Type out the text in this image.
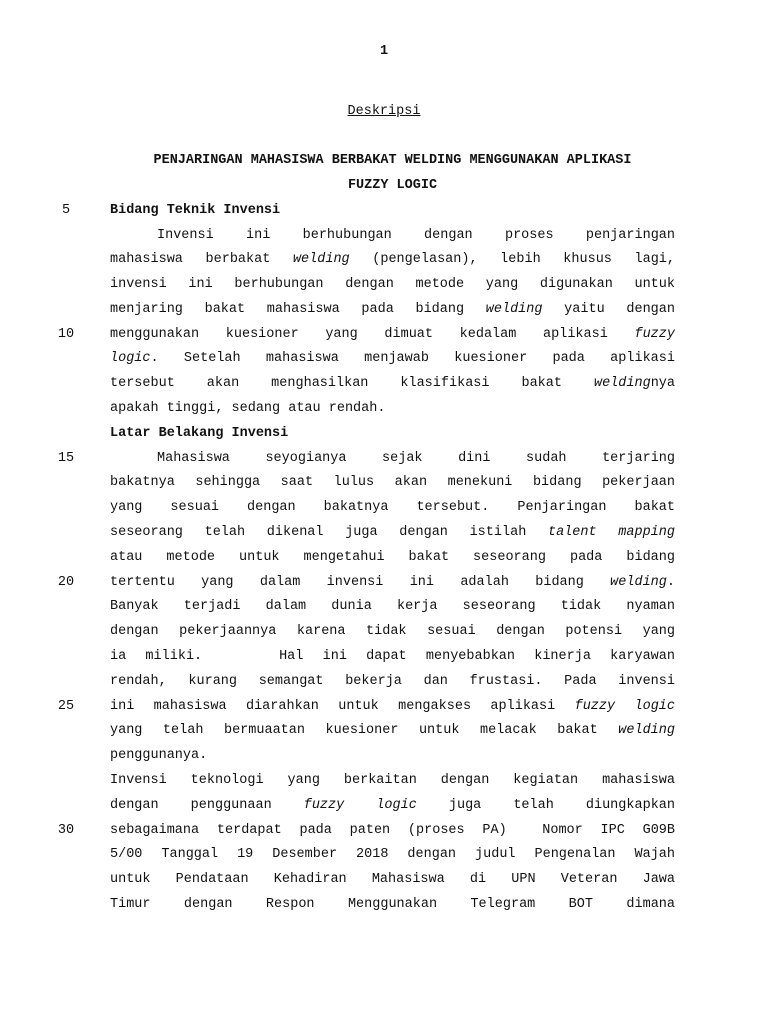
1
Deskripsi
PENJARINGAN MAHASISWA BERBAKAT WELDING MENGGUNAKAN APLIKASI
FUZZY LOGIC
5
10
15
20
25
30
Bidang Teknik Invensi
Invensi ini berhubungan dengan proses penjaringan
mahasiswa berbakat welding (pengelasan), lebih khusus lagi,
invensi ini berhubungan dengan metode yang digunakan untuk
menjaring bakat mahasiswa pada bidang welding yaitu dengan
menggunakan kuesioner yang dimuat kedalam aplikasi fuzzy
logic. Setelah mahasiswa menjawab kuesioner pada aplikasi
tersebut akan menghasilkan klasifikasi bakat weldingnya
apakah tinggi, sedang atau rendah.
Latar Belakang Invensi
Mahasiswa seyogianya sejak dini sudah terjaring
bakatnya sehingga saat lulus akan menekuni bidang pekerjaan
yang sesuai dengan bakatnya tersebut. Penjaringan bakat
seseorang telah dikenal juga dengan istilah talent mapping
atau metode untuk mengetahui bakat seseorang pada bidang
tertentu yang dalam invensi ini adalah bidang welding.
Banyak terjadi dalam dunia kerja seseorang tidak nyaman
dengan pekerjaannya karena tidak sesuai dengan potensi yang
ia miliki.    Hal ini dapat menyebabkan kinerja karyawan
rendah, kurang semangat bekerja dan frustasi. Pada invensi
ini mahasiswa diarahkan untuk mengakses aplikasi fuzzy logic
yang telah bermuaatan kuesioner untuk melacak bakat welding
penggunanya.
Invensi teknologi yang berkaitan dengan kegiatan mahasiswa
dengan penggunaan fuzzy logic juga telah diungkapkan
sebagaimana terdapat pada paten (proses PA)  Nomor IPC G09B
5/00 Tanggal 19 Desember 2018 dengan judul Pengenalan Wajah
untuk Pendataan Kehadiran Mahasiswa di UPN Veteran Jawa
Timur dengan Respon Menggunakan Telegram BOT dimana
